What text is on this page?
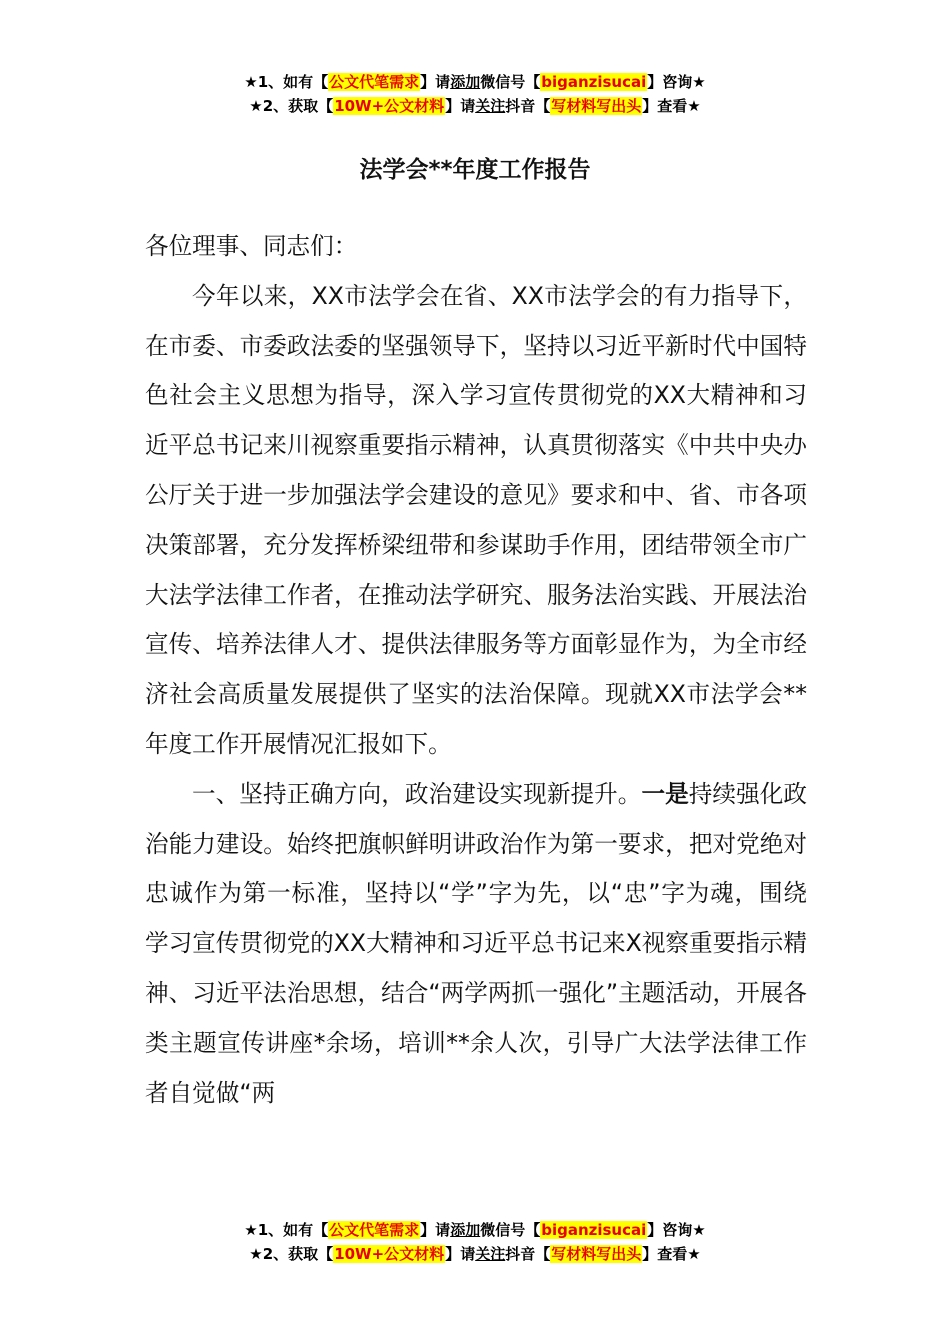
★1、如有【公文代笔需求】请添加微信号【biganzisucai】咨询★
★2、获取【10W+公文材料】请关注抖音【写材料写出头】查看★
法学会**年度工作报告

各位理事、同志们：

今年以来，XX市法学会在省、XX市法学会的有力指导下，在市委、市委政法委的坚强领导下，坚持以习近平新时代中国特色社会主义思想为指导，深入学习宣传贯彻党的XX大精神和习近平总书记来川视察重要指示精神，认真贯彻落实《中共中央办公厅关于进一步加强法学会建设的意见》要求和中、省、市各项决策部署，充分发挥桥梁纽带和参谋助手作用，团结带领全市广大法学法律工作者，在推动法学研究、服务法治实践、开展法治宣传、培养法律人才、提供法律服务等方面彰显作为，为全市经济社会高质量发展提供了坚实的法治保障。现就XX市法学会**年度工作开展情况汇报如下。

一、坚持正确方向，政治建设实现新提升。一是持续强化政治能力建设。始终把旗帜鲜明讲政治作为第一要求，把对党绝对忠诚作为第一标准，坚持以“学”字为先，以“忠”字为魂，围绕学习宣传贯彻党的XX大精神和习近平总书记来X视察重要指示精神、习近平法治思想，结合“两学两抓一强化”主题活动，开展各类主题宣传讲座*余场，培训**余人次，引导广大法学法律工作者自觉做“两

★1、如有【公文代笔需求】请添加微信号【biganzisucai】咨询★
★2、获取【10W+公文材料】请关注抖音【写材料写出头】查看★
